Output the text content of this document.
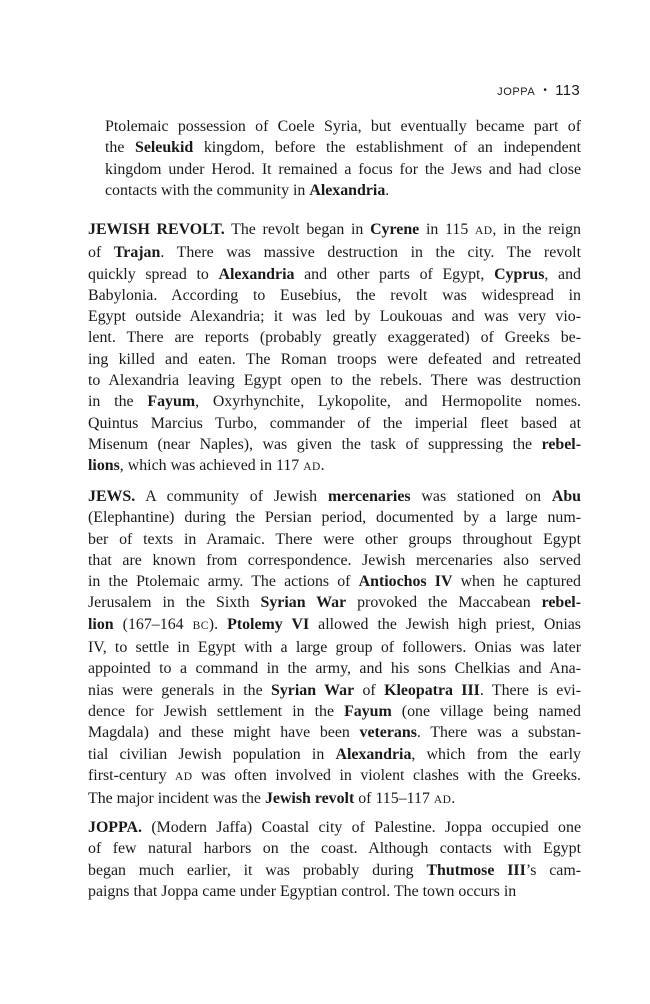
JOPPA • 113
Ptolemaic possession of Coele Syria, but eventually became part of
the Seleukid kingdom, before the establishment of an independent
kingdom under Herod. It remained a focus for the Jews and had close
contacts with the community in Alexandria.
JEWISH REVOLT. The revolt began in Cyrene in 115 AD, in the reign
of Trajan. There was massive destruction in the city. The revolt
quickly spread to Alexandria and other parts of Egypt, Cyprus, and
Babylonia. According to Eusebius, the revolt was widespread in
Egypt outside Alexandria; it was led by Loukouas and was very vio-
lent. There are reports (probably greatly exaggerated) of Greeks be-
ing killed and eaten. The Roman troops were defeated and retreated
to Alexandria leaving Egypt open to the rebels. There was destruction
in the Fayum, Oxyrhynchite, Lykopolite, and Hermopolite nomes.
Quintus Marcius Turbo, commander of the imperial fleet based at
Misenum (near Naples), was given the task of suppressing the rebel-
lions, which was achieved in 117 AD.
JEWS. A community of Jewish mercenaries was stationed on Abu
(Elephantine) during the Persian period, documented by a large num-
ber of texts in Aramaic. There were other groups throughout Egypt
that are known from correspondence. Jewish mercenaries also served
in the Ptolemaic army. The actions of Antiochos IV when he captured
Jerusalem in the Sixth Syrian War provoked the Maccabean rebel-
lion (167–164 BC). Ptolemy VI allowed the Jewish high priest, Onias
IV, to settle in Egypt with a large group of followers. Onias was later
appointed to a command in the army, and his sons Chelkias and Ana-
nias were generals in the Syrian War of Kleopatra III. There is evi-
dence for Jewish settlement in the Fayum (one village being named
Magdala) and these might have been veterans. There was a substan-
tial civilian Jewish population in Alexandria, which from the early
first-century AD was often involved in violent clashes with the Greeks.
The major incident was the Jewish revolt of 115–117 AD.
JOPPA. (Modern Jaffa) Coastal city of Palestine. Joppa occupied one
of few natural harbors on the coast. Although contacts with Egypt
began much earlier, it was probably during Thutmose III’s cam-
paigns that Joppa came under Egyptian control. The town occurs in
